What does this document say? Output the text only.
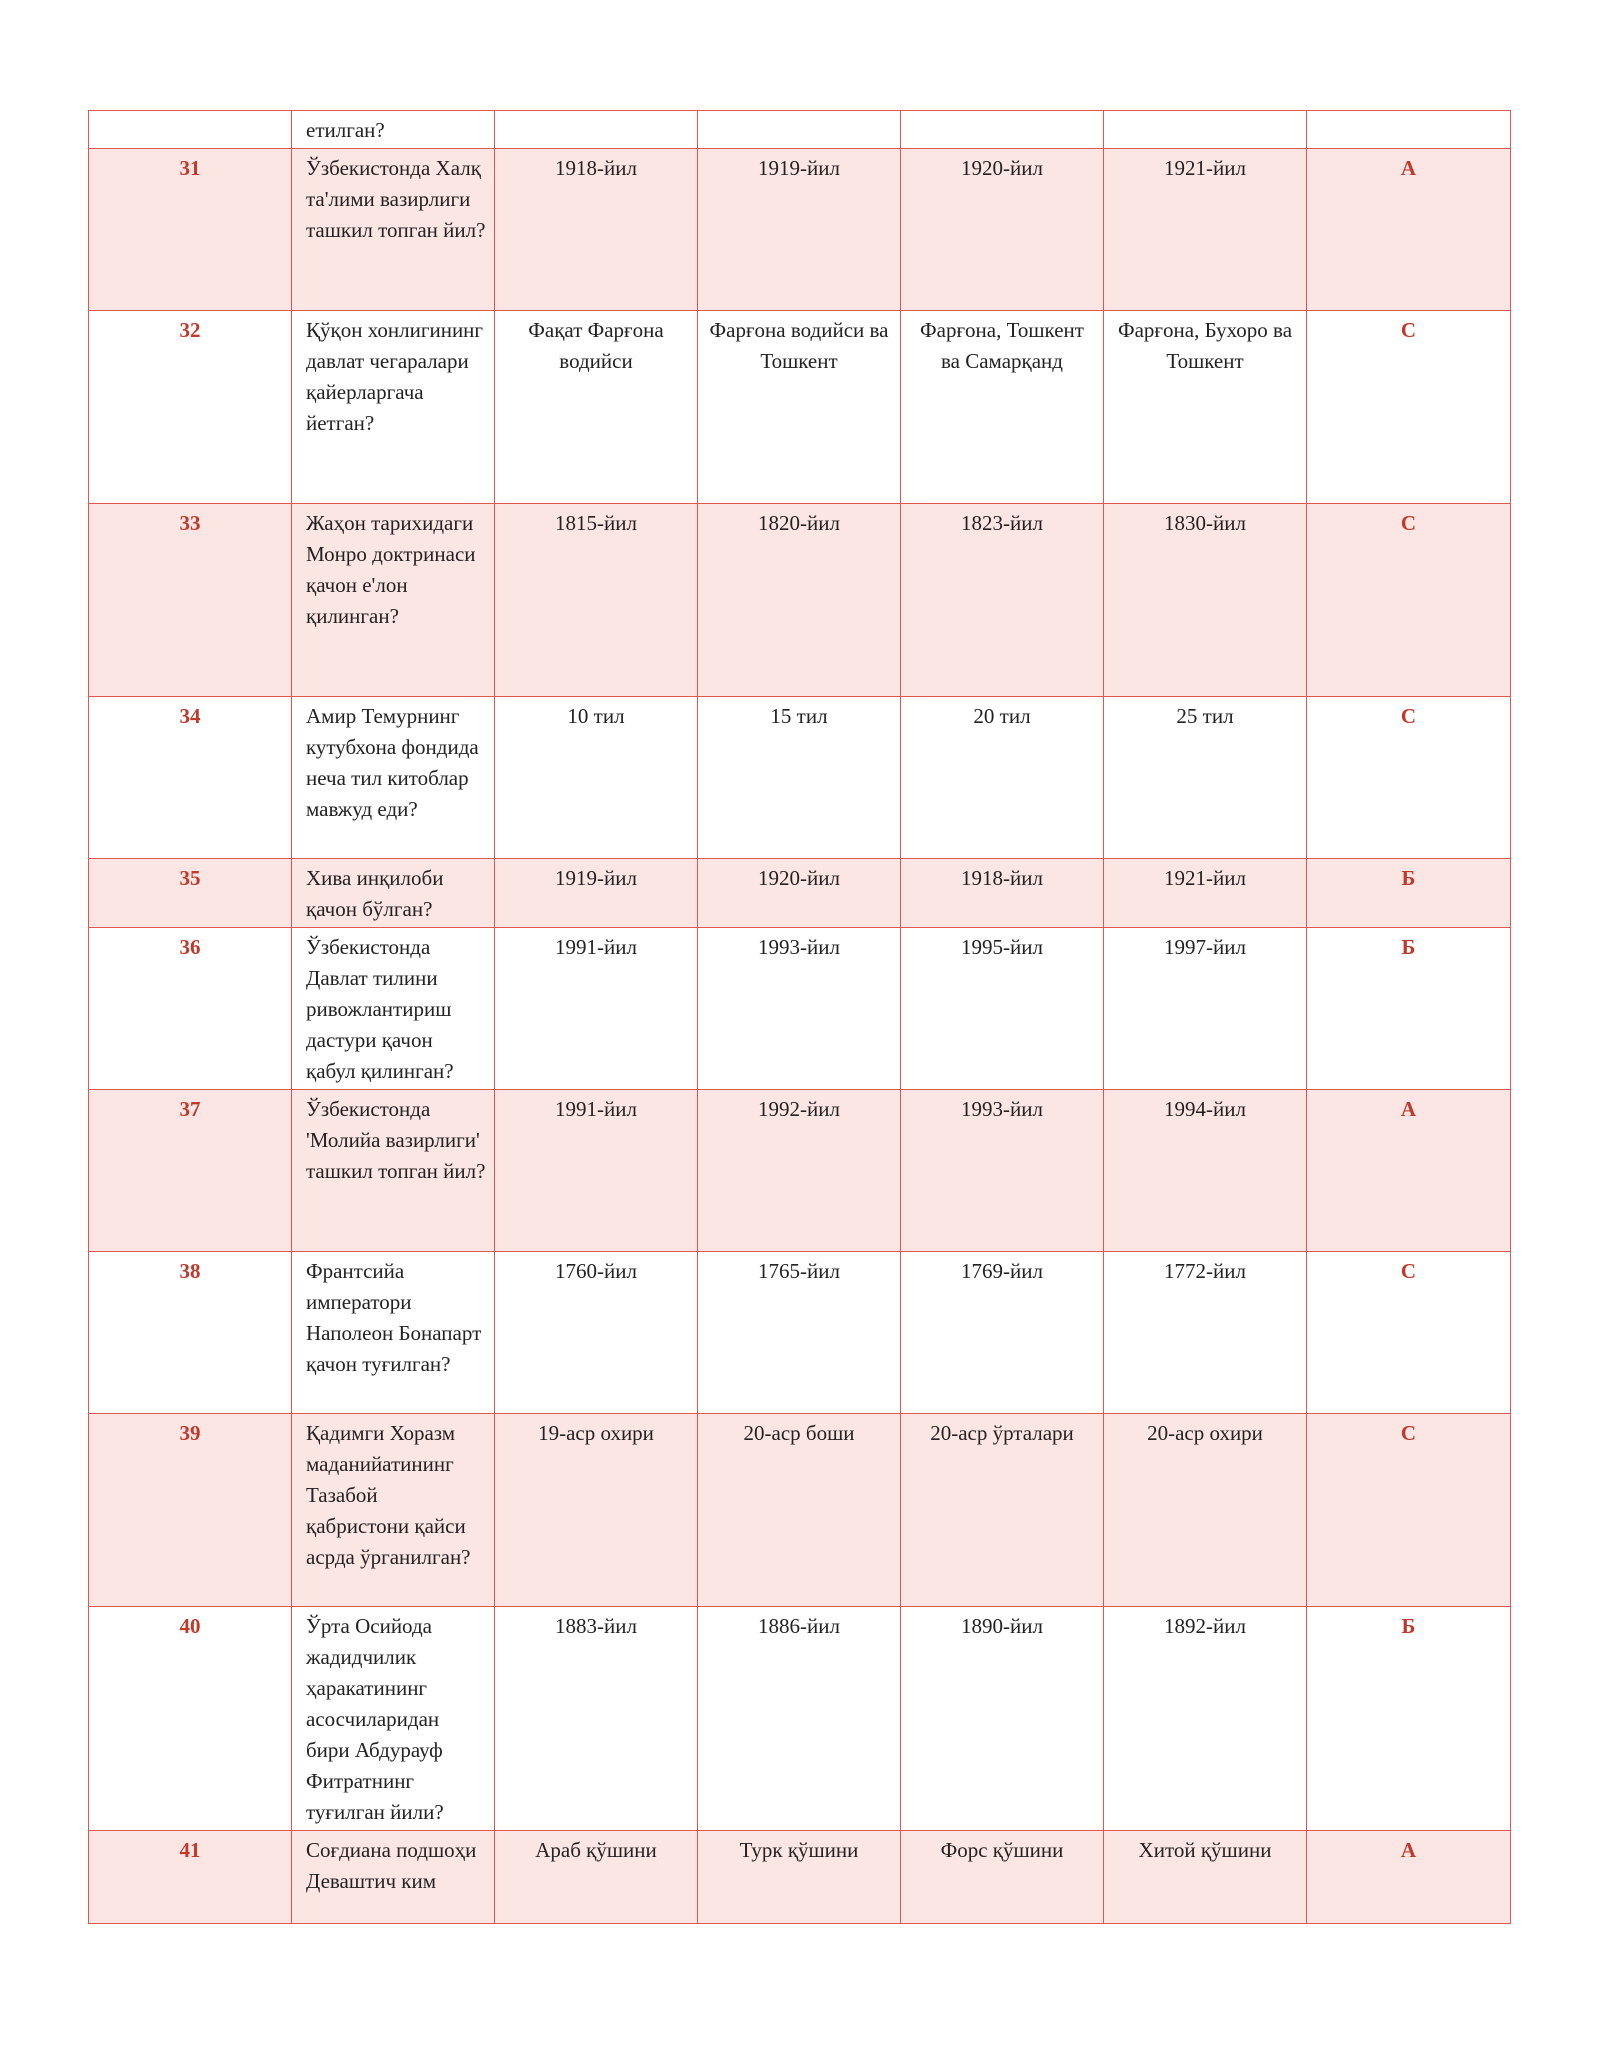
	етилган?					
31	Ўзбекистонда Халқ та'лими вазирлиги ташкил топган йил?	1918-йил	1919-йил	1920-йил	1921-йил	А
32	Қўқон хонлигининг давлат чегаралари қайерларгача йетган?	Фақат Фарғона водийси	Фарғона водийси ва Тошкент	Фарғона, Тошкент ва Самарқанд	Фарғона, Бухоро ва Тошкент	С
33	Жаҳон тарихидаги Монро доктринаси қачон е'лон қилинган?	1815-йил	1820-йил	1823-йил	1830-йил	С
34	Амир Темурнинг кутубхона фондида неча тил китоблар мавжуд еди?	10 тил	15 тил	20 тил	25 тил	С
35	Хива инқилоби қачон бўлган?	1919-йил	1920-йил	1918-йил	1921-йил	Б
36	Ўзбекистонда Давлат тилини ривожлантириш дастури қачон қабул қилинган?	1991-йил	1993-йил	1995-йил	1997-йил	Б
37	Ўзбекистонда 'Молийа вазирлиги' ташкил топган йил?	1991-йил	1992-йил	1993-йил	1994-йил	А
38	Франтсийа императори Наполеон Бонапарт қачон туғилган?	1760-йил	1765-йил	1769-йил	1772-йил	С
39	Қадимги Хоразм маданийатининг Тазабой қабристони қайси асрда ўрганилган?	19-аср охири	20-аср боши	20-аср ўрталари	20-аср охири	С
40	Ўрта Осийода жадидчилик ҳаракатининг асосчиларидан бири Абдурауф Фитратнинг туғилган йили?	1883-йил	1886-йил	1890-йил	1892-йил	Б
41	Соғдиана подшоҳи Деваштич ким	Араб қўшини	Турк қўшини	Форс қўшини	Хитой қўшини	А
